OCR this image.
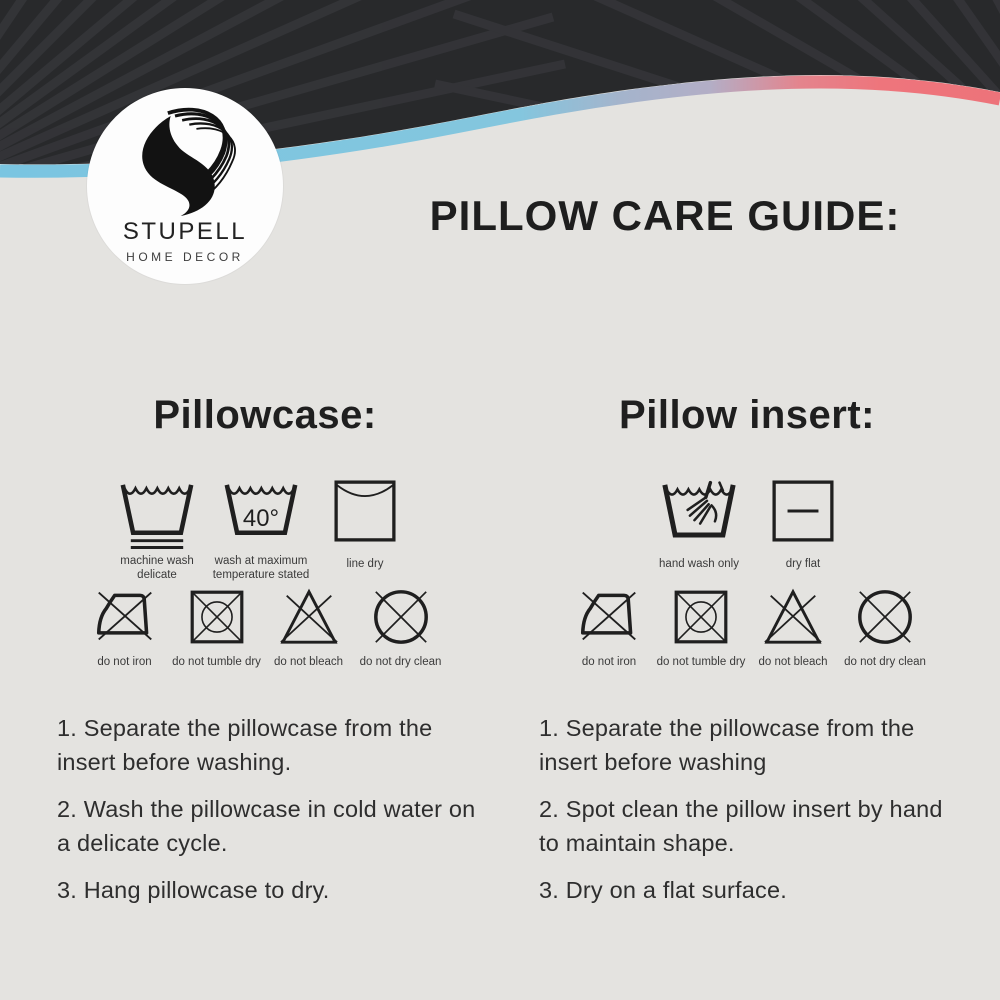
STUPELL
HOME DECOR
PILLOW CARE GUIDE:
Pillowcase:
machine wash delicate
40°
wash at maximum temperature stated
line dry
do not iron do not tumble dry do not bleach do not dry clean

1. Separate the pillowcase from the insert before washing.

2. Wash the pillowcase in cold water on a delicate cycle.

3. Hang pillowcase to dry.

Pillow insert:
hand wash only	dry flat
do not iron do not tumble dry do not bleach do not dry clean

1. Separate the pillowcase from the insert before washing

2. Spot clean the pillow insert by hand to maintain shape.

3. Dry on a flat surface.
